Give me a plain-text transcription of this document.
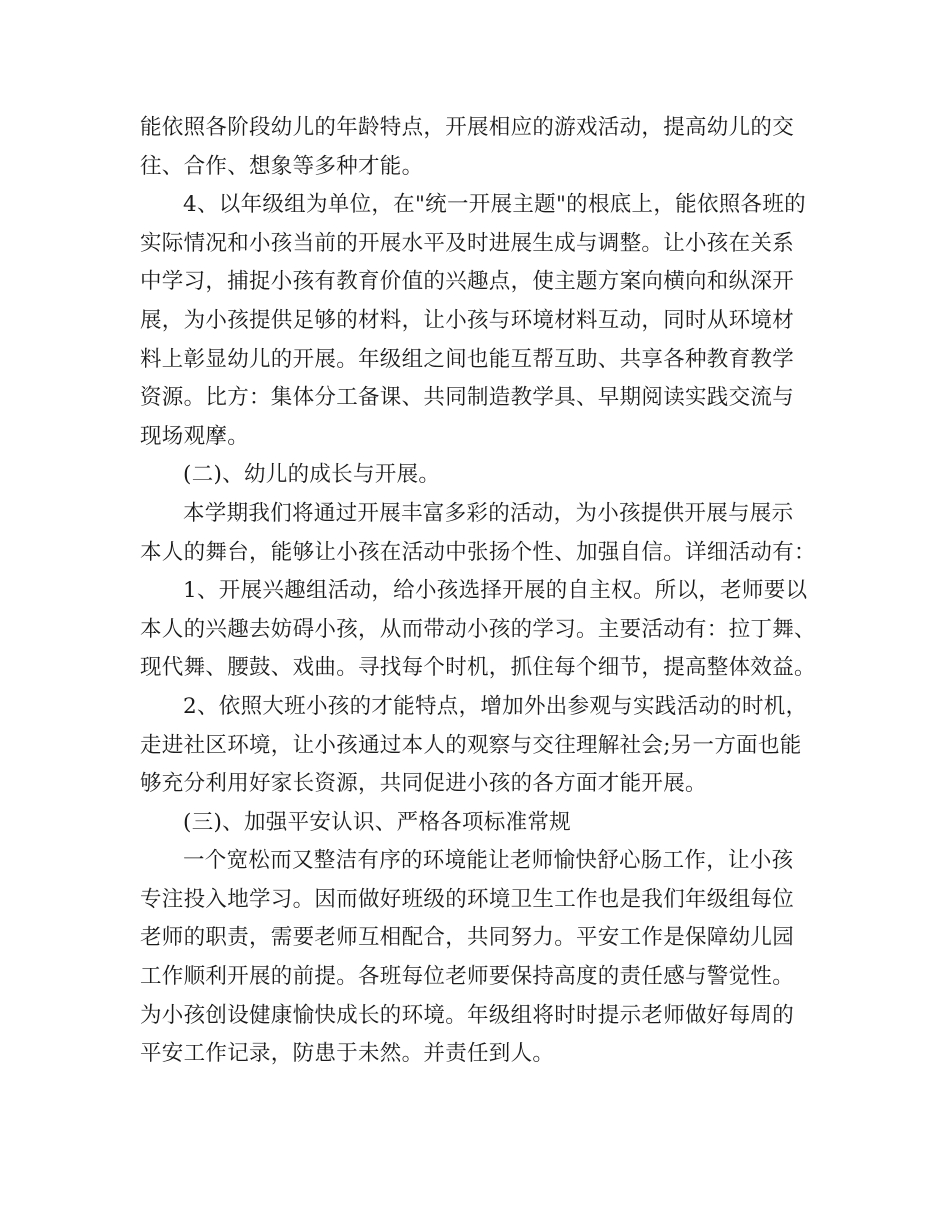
能依照各阶段幼儿的年龄特点，开展相应的游戏活动，提高幼儿的交
往、合作、想象等多种才能。
4、以年级组为单位，在"统一开展主题"的根底上，能依照各班的
实际情况和小孩当前的开展水平及时进展生成与调整。让小孩在关系
中学习，捕捉小孩有教育价值的兴趣点，使主题方案向横向和纵深开
展，为小孩提供足够的材料，让小孩与环境材料互动，同时从环境材
料上彰显幼儿的开展。年级组之间也能互帮互助、共享各种教育教学
资源。比方：集体分工备课、共同制造教学具、早期阅读实践交流与
现场观摩。
(二)、幼儿的成长与开展。
本学期我们将通过开展丰富多彩的活动，为小孩提供开展与展示
本人的舞台，能够让小孩在活动中张扬个性、加强自信。详细活动有：
1、开展兴趣组活动，给小孩选择开展的自主权。所以，老师要以
本人的兴趣去妨碍小孩，从而带动小孩的学习。主要活动有：拉丁舞、
现代舞、腰鼓、戏曲。寻找每个时机，抓住每个细节，提高整体效益。
2、依照大班小孩的才能特点，增加外出参观与实践活动的时机，
走进社区环境，让小孩通过本人的观察与交往理解社会;另一方面也能
够充分利用好家长资源，共同促进小孩的各方面才能开展。
(三)、加强平安认识、严格各项标准常规
一个宽松而又整洁有序的环境能让老师愉快舒心肠工作，让小孩
专注投入地学习。因而做好班级的环境卫生工作也是我们年级组每位
老师的职责，需要老师互相配合，共同努力。平安工作是保障幼儿园
工作顺利开展的前提。各班每位老师要保持高度的责任感与警觉性。
为小孩创设健康愉快成长的环境。年级组将时时提示老师做好每周的
平安工作记录，防患于未然。并责任到人。
